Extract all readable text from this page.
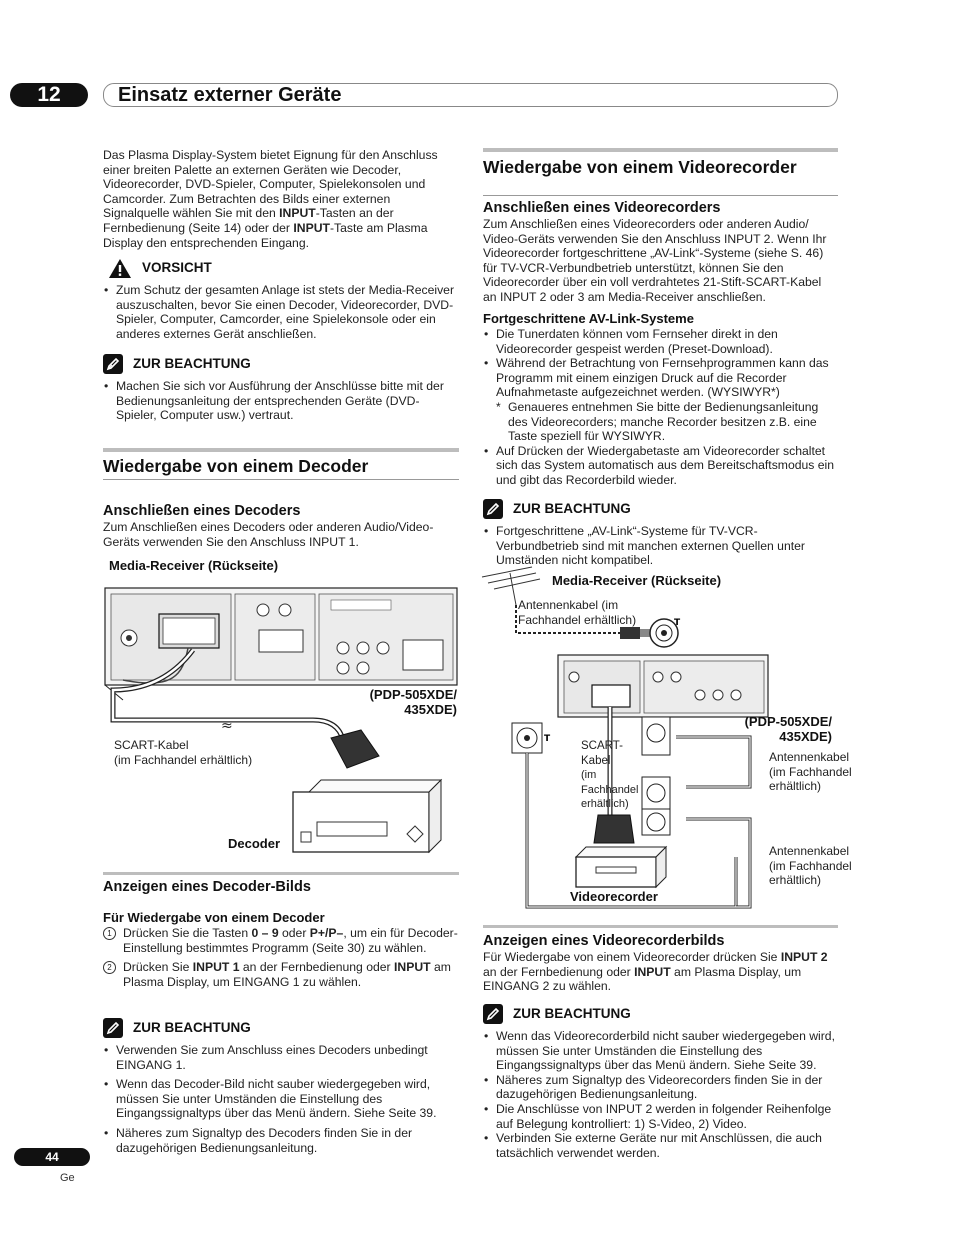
12	Einsatz externer Geräte

Das Plasma Display-System bietet Eignung für den Anschluss einer breiten Palette an externen Geräten wie Decoder, Videorecorder, DVD-Spieler, Computer, Spielekonsolen und Camcorder. Zum Betrachten des Bilds einer externen Signalquelle wählen Sie mit den INPUT-Tasten an der Fernbedienung (Seite 14) oder der INPUT-Taste am Plasma Display den entsprechenden Eingang.

VORSICHT

• Zum Schutz der gesamten Anlage ist stets der Media-Receiver auszuschalten, bevor Sie einen Decoder, Videorecorder, DVD-Spieler, Computer, Camcorder, eine Spielekonsole oder ein anderes externes Gerät anschließen.

ZUR BEACHTUNG

• Machen Sie sich vor Ausführung der Anschlüsse bitte mit der Bedienungsanleitung der entsprechenden Geräte (DVD-Spieler, Computer usw.) vertraut.

Wiedergabe von einem Decoder
Anschließen eines Decoders

Zum Anschließen eines Decoders oder anderen Audio/Video-Geräts verwenden Sie den Anschluss INPUT 1.

Media-Receiver (Rückseite)
≈
(PDP-505XDE/
435XDE)
SCART-Kabel
(im Fachhandel erhältlich)
Decoder
Anzeigen eines Decoder-Bilds
Für Wiedergabe von einem Decoder

1 Drücken Sie die Tasten 0 – 9 oder P+/P–, um ein für Decoder-Einstellung bestimmtes Programm (Seite 30) zu wählen.

2 Drücken Sie INPUT 1 an der Fernbedienung oder INPUT am Plasma Display, um EINGANG 1 zu wählen.

ZUR BEACHTUNG

• Verwenden Sie zum Anschluss eines Decoders unbedingt EINGANG 1.

• Wenn das Decoder-Bild nicht sauber wiedergegeben wird, müssen Sie unter Umständen die Einstellung des Eingangssignaltyps über das Menü ändern. Siehe Seite 39.

• Näheres zum Signaltyp des Decoders finden Sie in der dazugehörigen Bedienungsanleitung.

Wiedergabe von einem Videorecorder
Anschließen eines Videorecorders

Zum Anschließen eines Videorecorders oder anderen Audio/ Video-Geräts verwenden Sie den Anschluss INPUT 2. Wenn Ihr Videorecorder fortgeschrittene „AV-Link“-Systeme (siehe S. 46) für TV-VCR-Verbundbetrieb unterstützt, können Sie den Videorecorder über ein voll verdrahtetes 21-Stift-SCART-Kabel an INPUT 2 oder 3 am Media-Receiver anschließen.

Fortgeschrittene AV-Link-Systeme

• Die Tunerdaten können vom Fernseher direkt in den Videorecorder gespeist werden (Preset-Download).

• Während der Betrachtung von Fernsehprogrammen kann das Programm mit einem einzigen Druck auf die Recorder Aufnahmetaste aufgezeichnet werden. (WYSIWYR*)

* Genaueres entnehmen Sie bitte der Bedienungsanleitung des Videorecorders; manche Recorder besitzen z.B. eine Taste speziell für WYSIWYR.

• Auf Drücken der Wiedergabetaste am Videorecorder schaltet sich das System automatisch aus dem Bereitschaftsmodus ein und gibt das Recorderbild wieder.

ZUR BEACHTUNG

• Fortgeschrittene „AV-Link“-Systeme für TV-VCR-Verbundbetrieb sind mit manchen externen Quellen unter Umständen nicht kompatibel.

Media-Receiver (Rückseite)
T
T
Antennenkabel (im
Fachhandel erhältlich)
(PDP-505XDE/
435XDE)
SCART-
Kabel
(im
Fachhandel
erhältlich)
Antennenkabel
(im Fachhandel
erhältlich)
Antennenkabel
(im Fachhandel
erhältlich)
Videorecorder
Anzeigen eines Videorecorderbilds

Für Wiedergabe von einem Videorecorder drücken Sie INPUT 2 an der Fernbedienung oder INPUT am Plasma Display, um EINGANG 2 zu wählen.

ZUR BEACHTUNG

• Wenn das Videorecorderbild nicht sauber wiedergegeben wird, müssen Sie unter Umständen die Einstellung des Eingangssignaltyps über das Menü ändern. Siehe Seite 39.

• Näheres zum Signaltyp des Videorecorders finden Sie in der dazugehörigen Bedienungsanleitung.

• Die Anschlüsse von INPUT 2 werden in folgender Reihenfolge auf Belegung kontrolliert: 1) S-Video, 2) Video.

• Verbinden Sie externe Geräte nur mit Anschlüssen, die auch tatsächlich verwendet werden.

44
Ge
